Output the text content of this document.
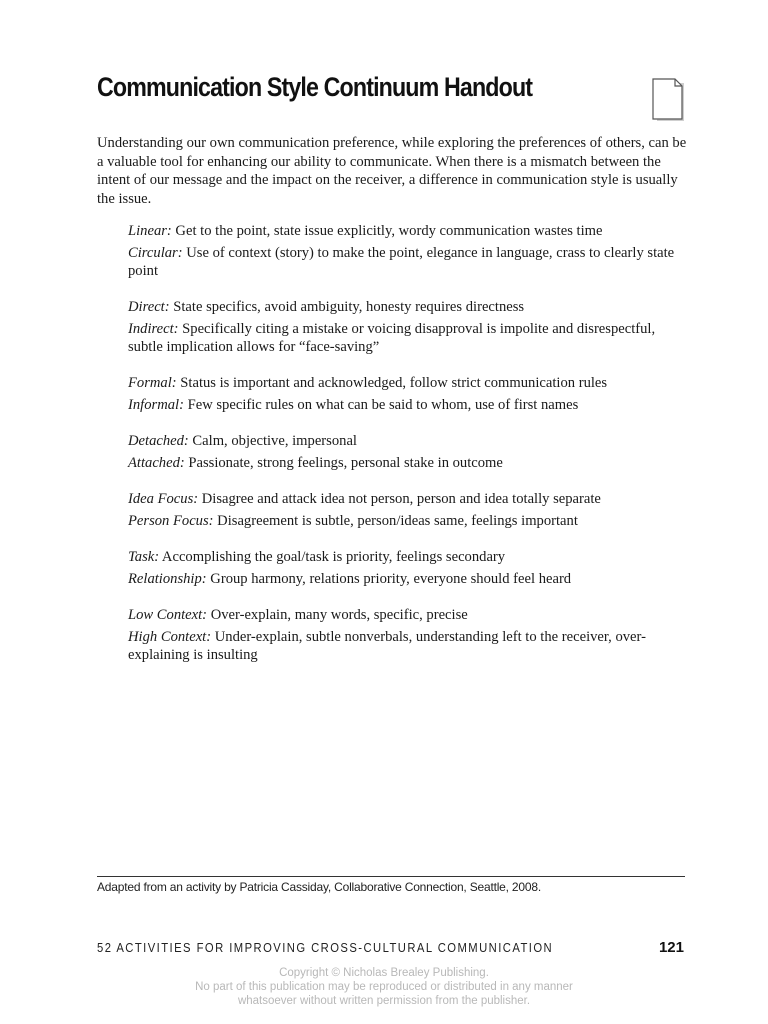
Communication Style Continuum Handout

Understanding our own communication preference, while exploring the preferences of others, can be a valuable tool for enhancing our ability to communicate. When there is a mismatch between the intent of our message and the impact on the receiver, a difference in communication style is usually the issue.

Linear: Get to the point, state issue explicitly, wordy communication wastes time

Circular: Use of context (story) to make the point, elegance in language, crass to clearly state point

Direct: State specifics, avoid ambiguity, honesty requires directness

Indirect: Specifically citing a mistake or voicing disapproval is impolite and disrespectful, subtle implication allows for “face-saving”

Formal: Status is important and acknowledged, follow strict communication rules

Informal: Few specific rules on what can be said to whom, use of first names

Detached: Calm, objective, impersonal

Attached: Passionate, strong feelings, personal stake in outcome

Idea Focus: Disagree and attack idea not person, person and idea totally separate

Person Focus: Disagreement is subtle, person/ideas same, feelings important

Task: Accomplishing the goal/task is priority, feelings secondary

Relationship: Group harmony, relations priority, everyone should feel heard

Low Context: Over-explain, many words, specific, precise

High Context: Under-explain, subtle nonverbals, understanding left to the receiver, over-explaining is insulting

Adapted from an activity by Patricia Cassiday, Collaborative Connection, Seattle, 2008.
52 ACTIVITIES FOR IMPROVING CROSS-CULTURAL COMMUNICATION	121
Copyright © Nicholas Brealey Publishing.
No part of this publication may be reproduced or distributed in any manner
whatsoever without written permission from the publisher.
